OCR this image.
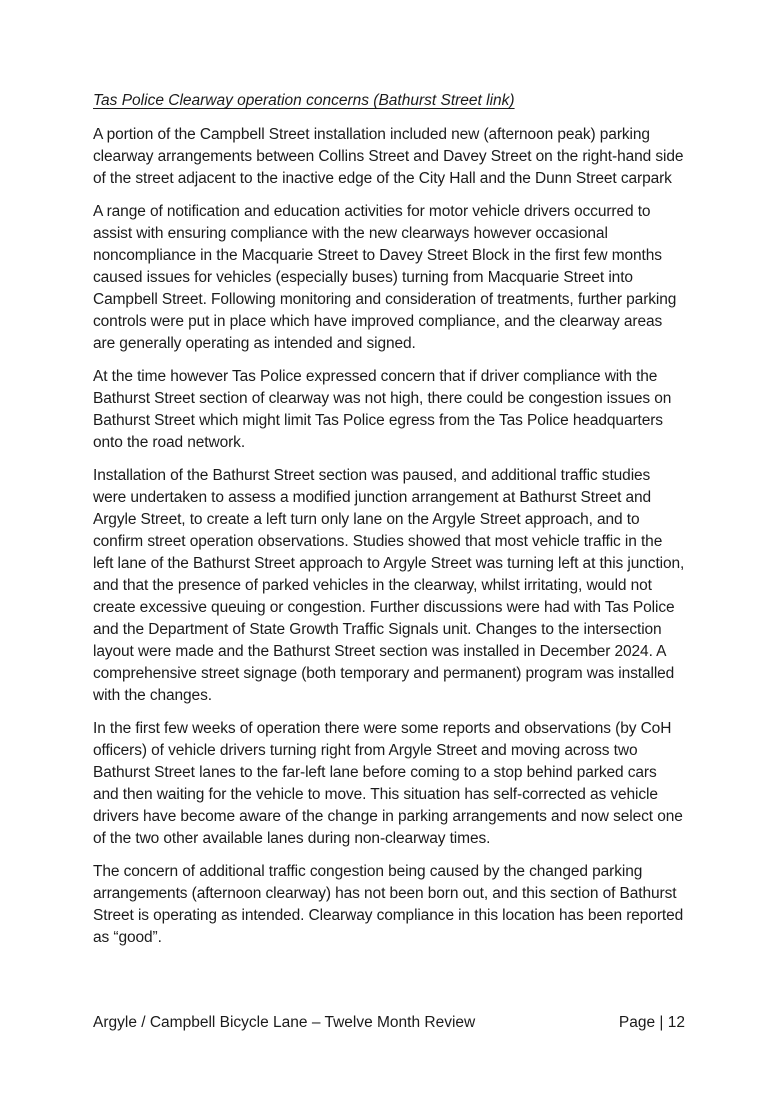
Tas Police Clearway operation concerns (Bathurst Street link)

A portion of the Campbell Street installation included new (afternoon peak) parking clearway arrangements between Collins Street and Davey Street on the right-hand side of the street adjacent to the inactive edge of the City Hall and the Dunn Street carpark

A range of notification and education activities for motor vehicle drivers occurred to assist with ensuring compliance with the new clearways however occasional noncompliance in the Macquarie Street to Davey Street Block in the first few months caused issues for vehicles (especially buses) turning from Macquarie Street into Campbell Street. Following monitoring and consideration of treatments, further parking controls were put in place which have improved compliance, and the clearway areas are generally operating as intended and signed.

At the time however Tas Police expressed concern that if driver compliance with the Bathurst Street section of clearway was not high, there could be congestion issues on Bathurst Street which might limit Tas Police egress from the Tas Police headquarters onto the road network.

Installation of the Bathurst Street section was paused, and additional traffic studies were undertaken to assess a modified junction arrangement at Bathurst Street and Argyle Street, to create a left turn only lane on the Argyle Street approach, and to confirm street operation observations. Studies showed that most vehicle traffic in the left lane of the Bathurst Street approach to Argyle Street was turning left at this junction, and that the presence of parked vehicles in the clearway, whilst irritating, would not create excessive queuing or congestion. Further discussions were had with Tas Police and the Department of State Growth Traffic Signals unit. Changes to the intersection layout were made and the Bathurst Street section was installed in December 2024. A comprehensive street signage (both temporary and permanent) program was installed with the changes.

In the first few weeks of operation there were some reports and observations (by CoH officers) of vehicle drivers turning right from Argyle Street and moving across two Bathurst Street lanes to the far-left lane before coming to a stop behind parked cars and then waiting for the vehicle to move. This situation has self-corrected as vehicle drivers have become aware of the change in parking arrangements and now select one of the two other available lanes during non-clearway times.

The concern of additional traffic congestion being caused by the changed parking arrangements (afternoon clearway) has not been born out, and this section of Bathurst Street is operating as intended. Clearway compliance in this location has been reported as “good”.

Argyle / Campbell Bicycle Lane – Twelve Month Review	Page | 12
